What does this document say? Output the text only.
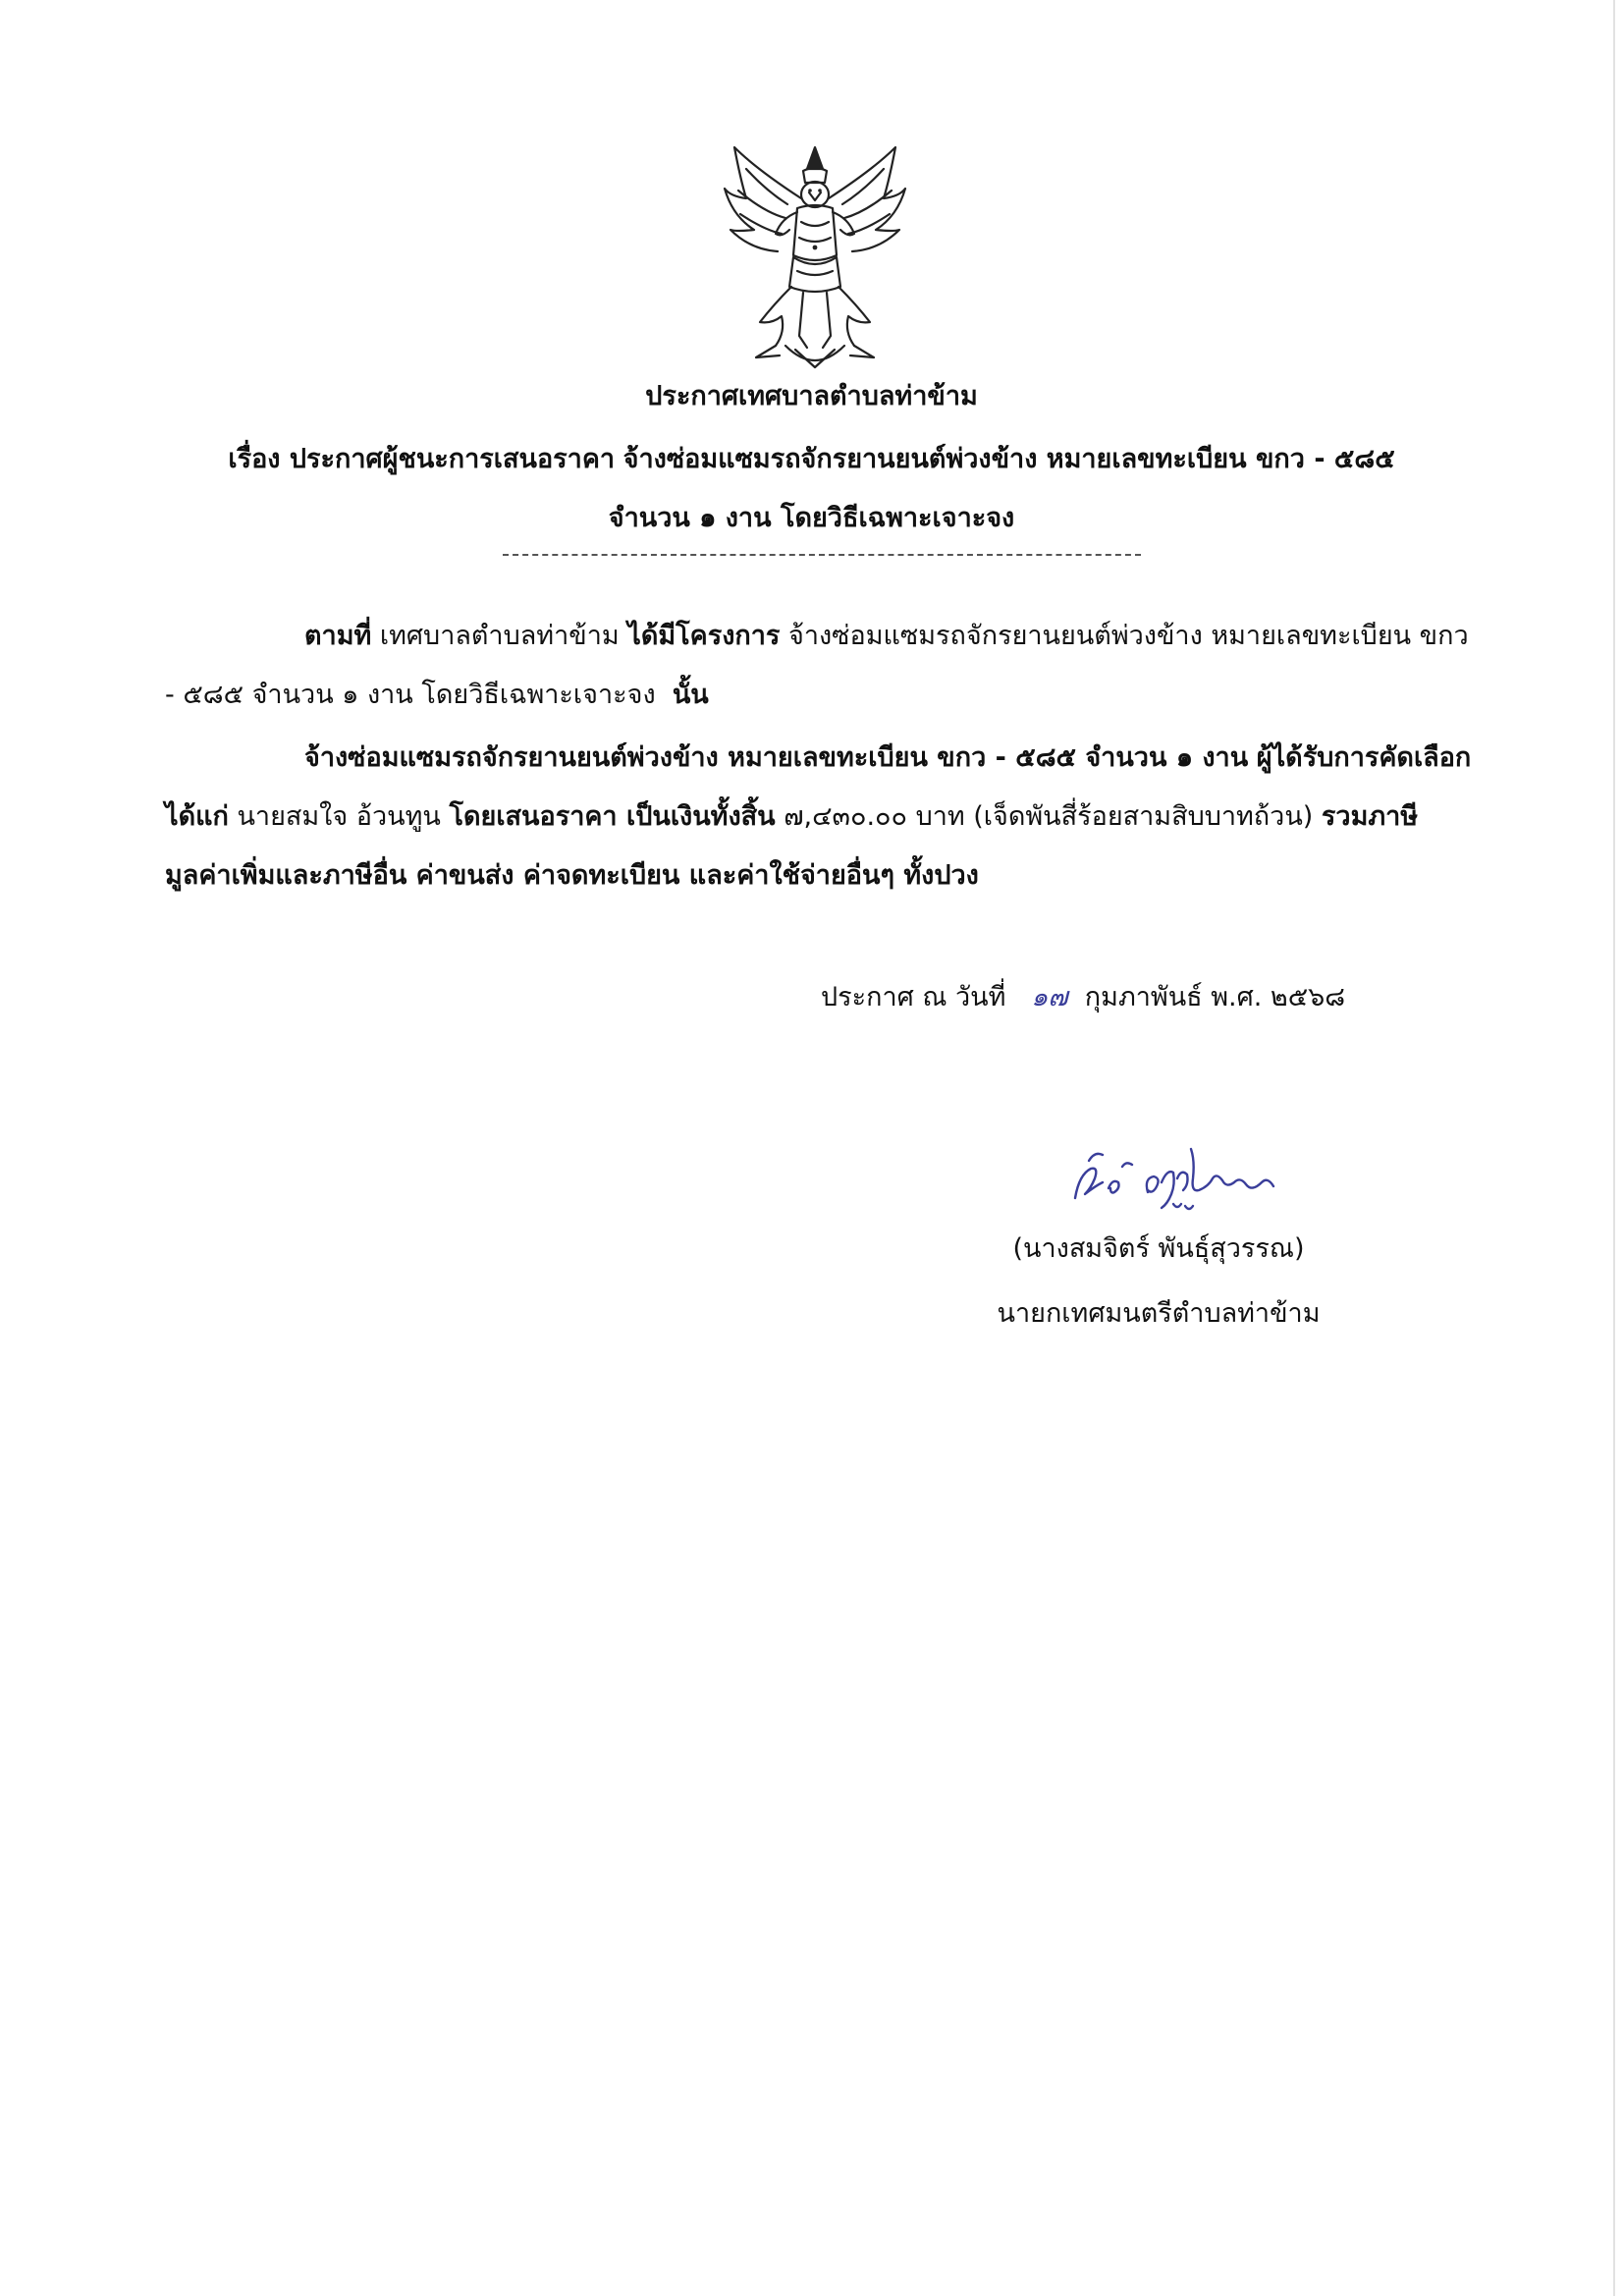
ประกาศเทศบาลตำบลท่าข้าม
เรื่อง ประกาศผู้ชนะการเสนอราคา จ้างซ่อมแซมรถจักรยานยนต์พ่วงข้าง หมายเลขทะเบียน ขกว - ๕๘๕
จำนวน ๑ งาน โดยวิธีเฉพาะเจาะจง
ตามที่ เทศบาลตำบลท่าข้าม ได้มีโครงการ จ้างซ่อมแซมรถจักรยานยนต์พ่วงข้าง หมายเลขทะเบียน ขกว
- ๕๘๕ จำนวน ๑ งาน โดยวิธีเฉพาะเจาะจง นั้น
จ้างซ่อมแซมรถจักรยานยนต์พ่วงข้าง หมายเลขทะเบียน ขกว - ๕๘๕ จำนวน ๑ งาน ผู้ได้รับการคัดเลือก
ได้แก่ นายสมใจ อ้วนทูน โดยเสนอราคา เป็นเงินทั้งสิ้น ๗,๔๓๐.๐๐ บาท (เจ็ดพันสี่ร้อยสามสิบบาทถ้วน) รวมภาษี
มูลค่าเพิ่มและภาษีอื่น ค่าขนส่ง ค่าจดทะเบียน และค่าใช้จ่ายอื่นๆ ทั้งปวง
ประกาศ ณ วันที่ ๑๗ กุมภาพันธ์ พ.ศ. ๒๕๖๘
(นางสมจิตร์ พันธุ์สุวรรณ)
นายกเทศมนตรีตำบลท่าข้าม
